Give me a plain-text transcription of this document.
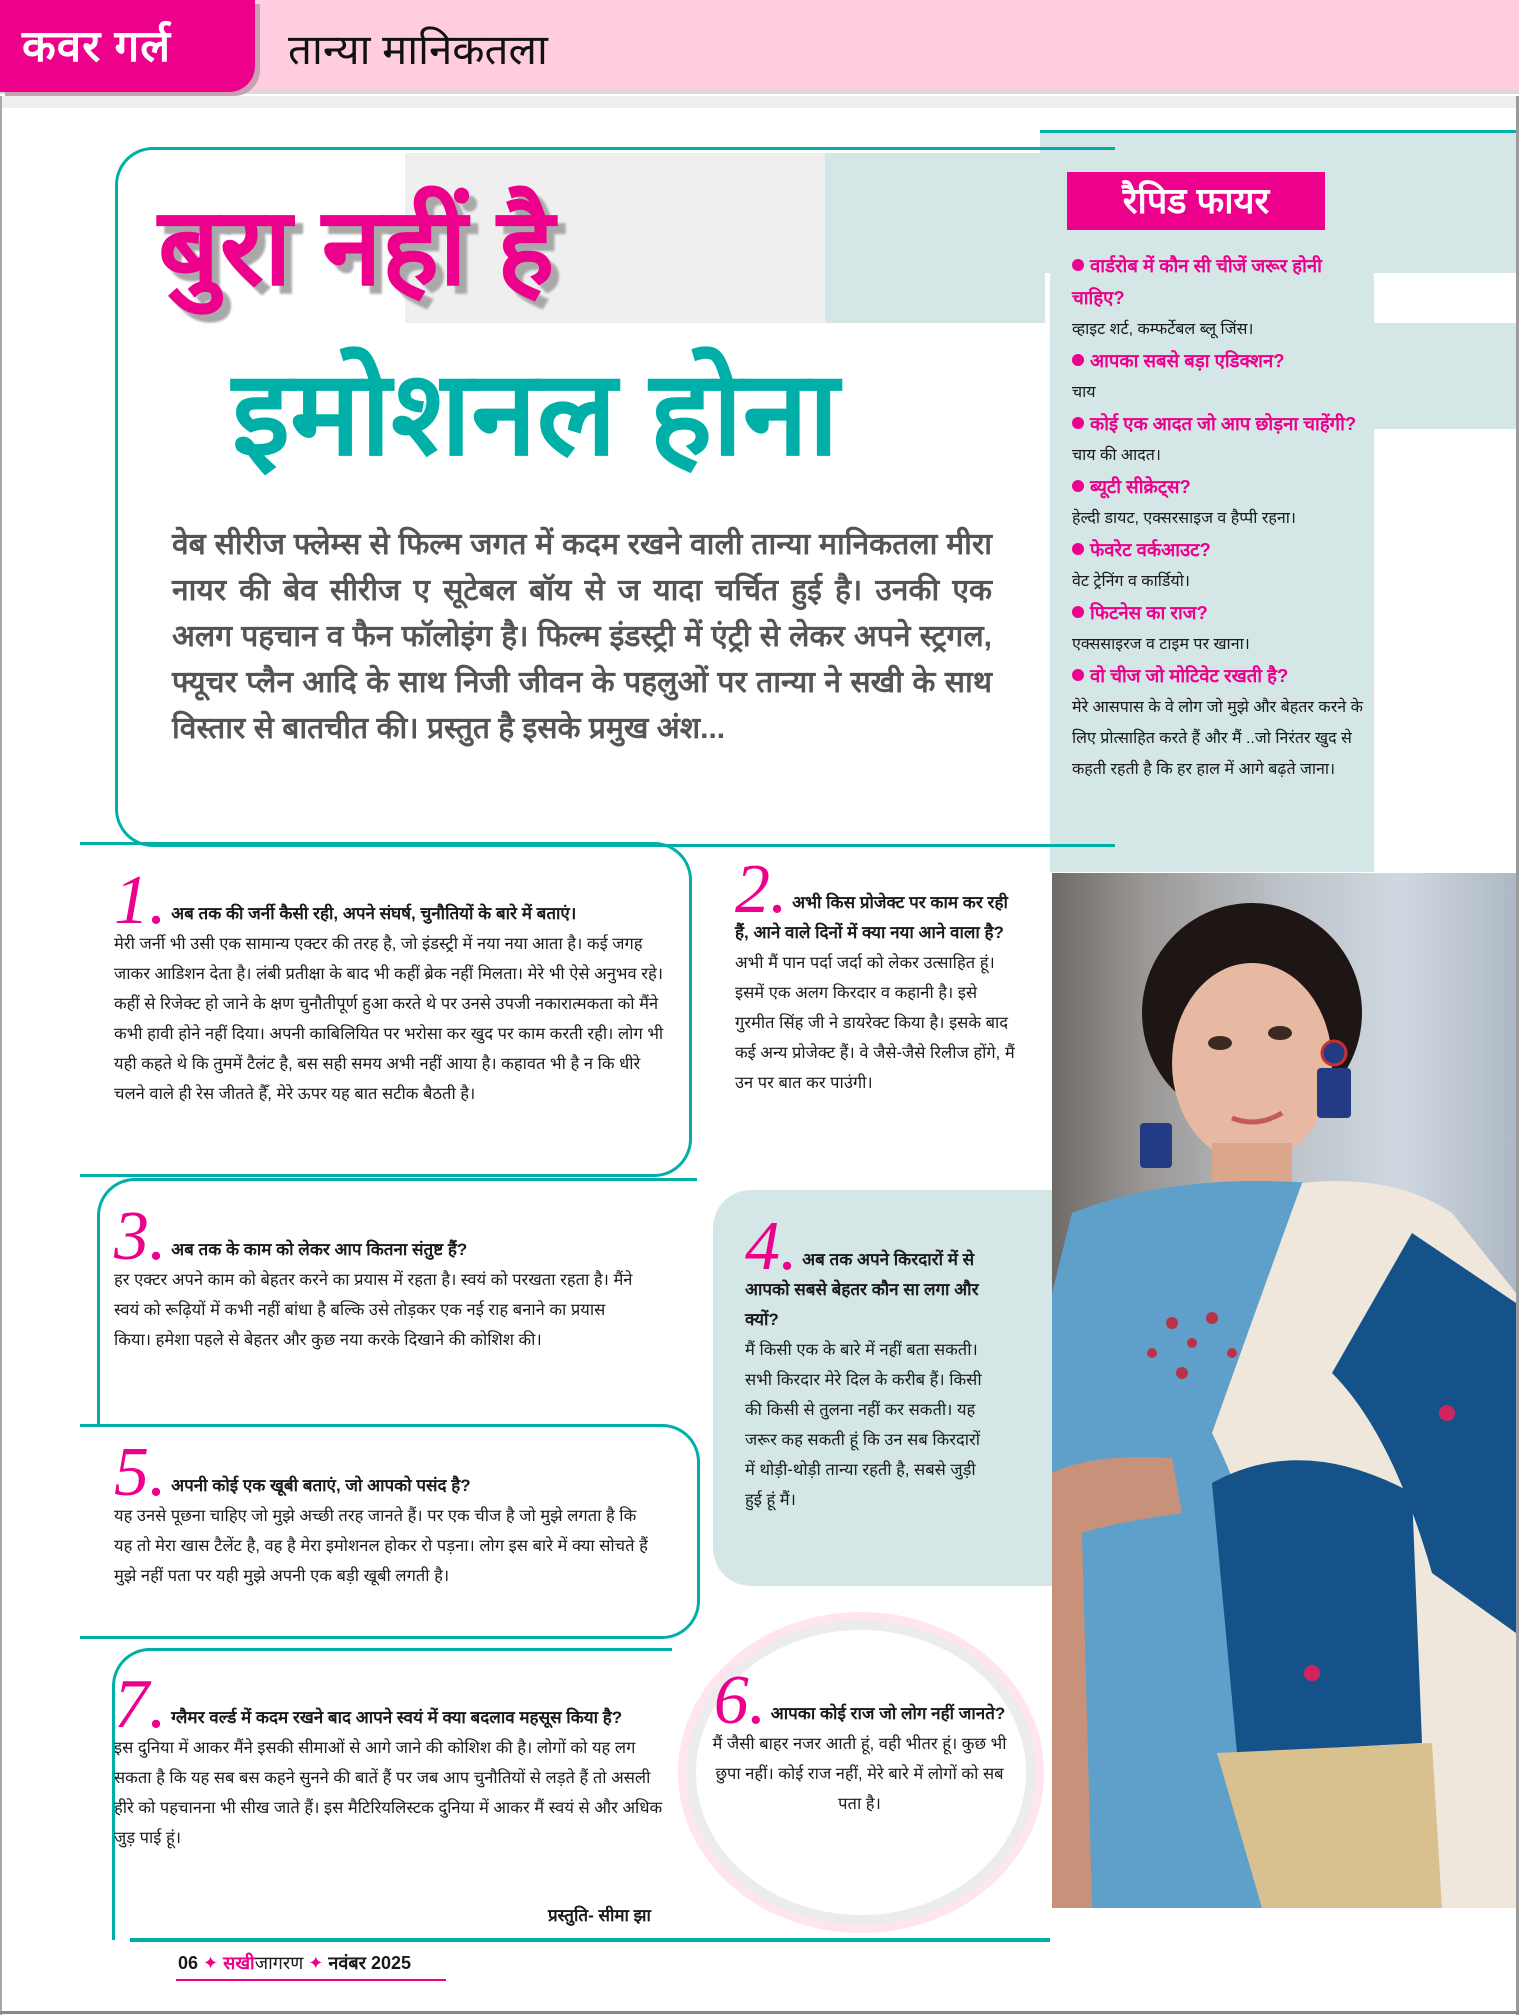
कवर गर्ल	तान्या मानिकतला
बुरा नहीं है
इमोशनल होना
वेब सीरीज फ्लेम्स से फिल्म जगत में कदम रखने वाली तान्या मानिकतला मीरा नायर की बेव सीरीज ए सूटेबल बॉय से ज यादा चर्चित हुई है। उनकी एक अलग पहचान व फैन फॉलोइंग है। फिल्म इंडस्ट्री में एंट्री से लेकर अपने स्ट्रगल, फ्यूचर प्लैन आदि के साथ निजी जीवन के पहलुओं पर तान्या ने सखी के साथ विस्तार से बातचीत की। प्रस्तुत है इसके प्रमुख अंश...
रैपिड फायर
वार्डरोब में कौन सी चीजें जरूर होनी चाहिए?
व्हाइट शर्ट, कम्फर्टेबल ब्लू जिंस।
आपका सबसे बड़ा एडिक्शन?
चाय
कोई एक आदत जो आप छोड़ना चाहेंगी?
चाय की आदत।
ब्यूटी सीक्रेट्स?
हेल्दी डायट, एक्सरसाइज व हैप्पी रहना।
फेवरेट वर्कआउट?
वेट ट्रेनिंग व कार्डियो।
फिटनेस का राज?
एक्ससाइरज व टाइम पर खाना।
वो चीज जो मोटिवेट रखती है?
मेरे आसपास के वे लोग जो मुझे और बेहतर करने के लिए प्रोत्साहित करते हैं और मैं ..जो निरंतर खुद से कहती रहती है कि हर हाल में आगे बढ़ते जाना।
1. अब तक की जर्नी कैसी रही, अपने संघर्ष, चुनौतियों के बारे में बताएं।
मेरी जर्नी भी उसी एक सामान्य एक्टर की तरह है, जो इंडस्ट्री में नया नया आता है। कई जगह जाकर आडिशन देता है। लंबी प्रतीक्षा के बाद भी कहीं ब्रेक नहीं मिलता। मेरे भी ऐसे अनुभव रहे। कहीं से रिजेक्ट हो जाने के क्षण चुनौतीपूर्ण हुआ करते थे पर उनसे उपजी नकारात्मकता को मैंने कभी हावी होने नहीं दिया। अपनी काबिलियित पर भरोसा कर खुद पर काम करती रही। लोग भी यही कहते थे कि तुममें टैलंट है, बस सही समय अभी नहीं आया है। कहावत भी है न कि धीरे चलने वाले ही रेस जीतते हैँ, मेरे ऊपर यह बात सटीक बैठती है।
2. अभी किस प्रोजेक्ट पर काम कर रही हैं, आने वाले दिनों में क्या नया आने वाला है?
अभी मैं पान पर्दा जर्दा को लेकर उत्साहित हूं। इसमें एक अलग किरदार व कहानी है। इसे गुरमीत सिंह जी ने डायरेक्ट किया है। इसके बाद कई अन्य प्रोजेक्ट हैं। वे जैसे-जैसे रिलीज होंगे, मैं उन पर बात कर पाउंगी।
3. अब तक के काम को लेकर आप कितना संतुष्ट हैं?
हर एक्टर अपने काम को बेहतर करने का प्रयास में रहता है। स्वयं को परखता रहता है। मैंने स्वयं को रूढ़ियों में कभी नहीं बांधा है बल्कि उसे तोड़कर एक नई राह बनाने का प्रयास किया। हमेशा पहले से बेहतर और कुछ नया करके दिखाने की कोशिश की।
4. अब तक अपने किरदारों में से आपको सबसे बेहतर कौन सा लगा और क्यों?
मैं किसी एक के बारे में नहीं बता सकती। सभी किरदार मेरे दिल के करीब हैं। किसी की किसी से तुलना नहीं कर सकती। यह जरूर कह सकती हूं कि उन सब किरदारों में थोड़ी-थोड़ी तान्या रहती है, सबसे जुड़ी हुई हूं मैं।
5. अपनी कोई एक खूबी बताएं, जो आपको पसंद है?
यह उनसे पूछना चाहिए जो मुझे अच्छी तरह जानते हैं। पर एक चीज है जो मुझे लगता है कि यह तो मेरा खास टैलेंट है, वह है मेरा इमोशनल होकर रो पड़ना। लोग इस बारे में क्या सोचते हैं मुझे नहीं पता पर यही मुझे अपनी एक बड़ी खूबी लगती है।
6. आपका कोई राज जो लोग नहीं जानते?
मैं जैसी बाहर नजर आती हूं, वही भीतर हूं। कुछ भी छुपा नहीं। कोई राज नहीं, मेरे बारे में लोगों को सब पता है।
7. ग्लैमर वर्ल्ड में कदम रखने बाद आपने स्वयं में क्या बदलाव महसूस किया है?
इस दुनिया में आकर मैंने इसकी सीमाओं से आगे जाने की कोशिश की है। लोगों को यह लग सकता है कि यह सब बस कहने सुनने की बातें हैं पर जब आप चुनौतियों से लड़ते हैं तो असली हीरे को पहचानना भी सीख जाते हैं। इस मैटिरियलिस्टक दुनिया में आकर मैं स्वयं से और अधिक जुड़ पाई हूं।
प्रस्तुति- सीमा झा
06 ✦ सखीजागरण ✦ नवंबर 2025
